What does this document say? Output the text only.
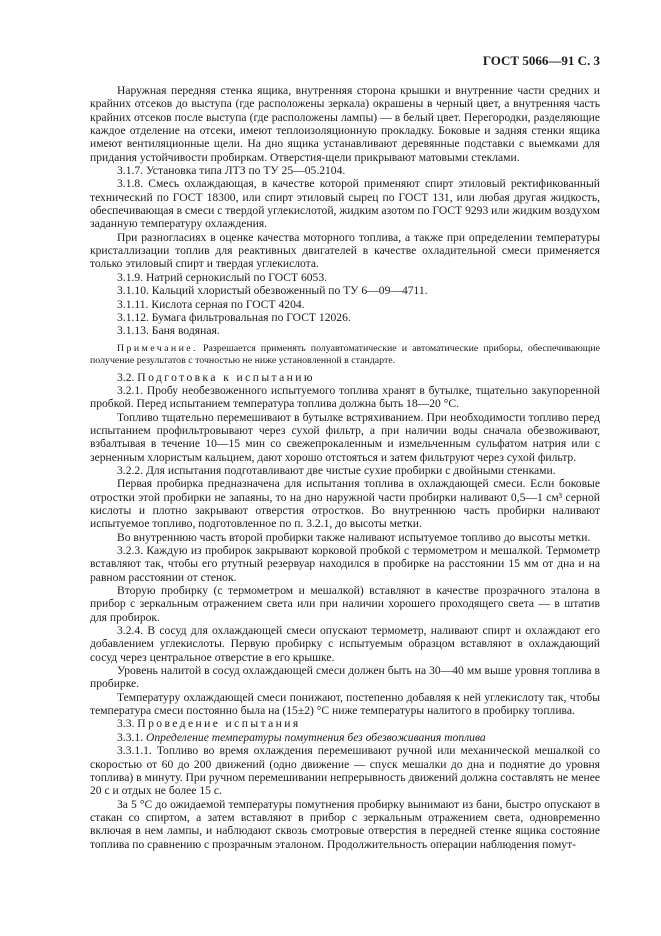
ГОСТ 5066—91 С. 3

Наружная передняя стенка ящика, внутренняя сторона крышки и внутренние части средних и крайних отсеков до выступа (где расположены зеркала) окрашены в черный цвет, а внутренняя часть крайних отсеков после выступа (где расположены лампы) — в белый цвет. Перегородки, разделяющие каждое отделение на отсеки, имеют теплоизоляционную прокладку. Боковые и задняя стенки ящика имеют вентиляционные щели. На дно ящика устанавливают деревянные подставки с выемками для придания устойчивости пробиркам. Отверстия-щели прикрывают матовыми стеклами.

3.1.7. Установка типа ЛТЗ по ТУ 25—05.2104.

3.1.8. Смесь охлаждающая, в качестве которой применяют спирт этиловый ректификованный технический по ГОСТ 18300, или спирт этиловый сырец по ГОСТ 131, или любая другая жидкость, обеспечивающая в смеси с твердой углекислотой, жидким азотом по ГОСТ 9293 или жидким воздухом заданную температуру охлаждения.

При разногласиях в оценке качества моторного топлива, а также при определении температуры кристаллизации топлив для реактивных двигателей в качестве охладительной смеси применяется только этиловый спирт и твердая углекислота.

3.1.9. Натрий сернокислый по ГОСТ 6053.

3.1.10. Кальций хлористый обезвоженный по ТУ 6—09—4711.

3.1.11. Кислота серная по ГОСТ 4204.

3.1.12. Бумага фильтровальная по ГОСТ 12026.

3.1.13. Баня водяная.

Примечание. Разрешается применять полуавтоматические и автоматические приборы, обеспечивающие получение результатов с точностью не ниже установленной в стандарте.

3.2. Подготовка к испытанию

3.2.1. Пробу необезвоженного испытуемого топлива хранят в бутылке, тщательно закупоренной пробкой. Перед испытанием температура топлива должна быть 18—20 °С.

Топливо тщательно перемешивают в бутылке встряхиванием. При необходимости топливо перед испытанием профильтровывают через сухой фильтр, а при наличии воды сначала обезвоживают, взбалтывая в течение 10—15 мин со свежепрокаленным и измельченным сульфатом натрия или с зерненным хлористым кальцием, дают хорошо отстояться и затем фильтруют через сухой фильтр.

3.2.2. Для испытания подготавливают две чистые сухие пробирки с двойными стенками.

Первая пробирка предназначена для испытания топлива в охлаждающей смеси. Если боковые отростки этой пробирки не запаяны, то на дно наружной части пробирки наливают 0,5—1 см³ серной кислоты и плотно закрывают отверстия отростков. Во внутреннюю часть пробирки наливают испытуемое топливо, подготовленное по п. 3.2.1, до высоты метки.

Во внутреннюю часть второй пробирки также наливают испытуемое топливо до высоты метки.

3.2.3. Каждую из пробирок закрывают корковой пробкой с термометром и мешалкой. Термометр вставляют так, чтобы его ртутный резервуар находился в пробирке на расстоянии 15 мм от дна и на равном расстоянии от стенок.

Вторую пробирку (с термометром и мешалкой) вставляют в качестве прозрачного эталона в прибор с зеркальным отражением света или при наличии хорошего проходящего света — в штатив для пробирок.

3.2.4. В сосуд для охлаждающей смеси опускают термометр, наливают спирт и охлаждают его добавлением углекислоты. Первую пробирку с испытуемым образцом вставляют в охлаждающий сосуд через центральное отверстие в его крышке.

Уровень налитой в сосуд охлаждающей смеси должен быть на 30—40 мм выше уровня топлива в пробирке.

Температуру охлаждающей смеси понижают, постепенно добавляя к ней углекислоту так, чтобы температура смеси постоянно была на (15±2) °С ниже температуры налитого в пробирку топлива.

3.3. Проведение испытания

3.3.1. Определение температуры помутнения без обезвоживания топлива

3.3.1.1. Топливо во время охлаждения перемешивают ручной или механической мешалкой со скоростью от 60 до 200 движений (одно движение — спуск мешалки до дна и поднятие до уровня топлива) в минуту. При ручном перемешивании непрерывность движений должна составлять не менее 20 с и отдых не более 15 с.

За 5 °С до ожидаемой температуры помутнения пробирку вынимают из бани, быстро опускают в стакан со спиртом, а затем вставляют в прибор с зеркальным отражением света, одновременно включая в нем лампы, и наблюдают сквозь смотровые отверстия в передней стенке ящика состояние топлива по сравнению с прозрачным эталоном. Продолжительность операции наблюдения помут-
